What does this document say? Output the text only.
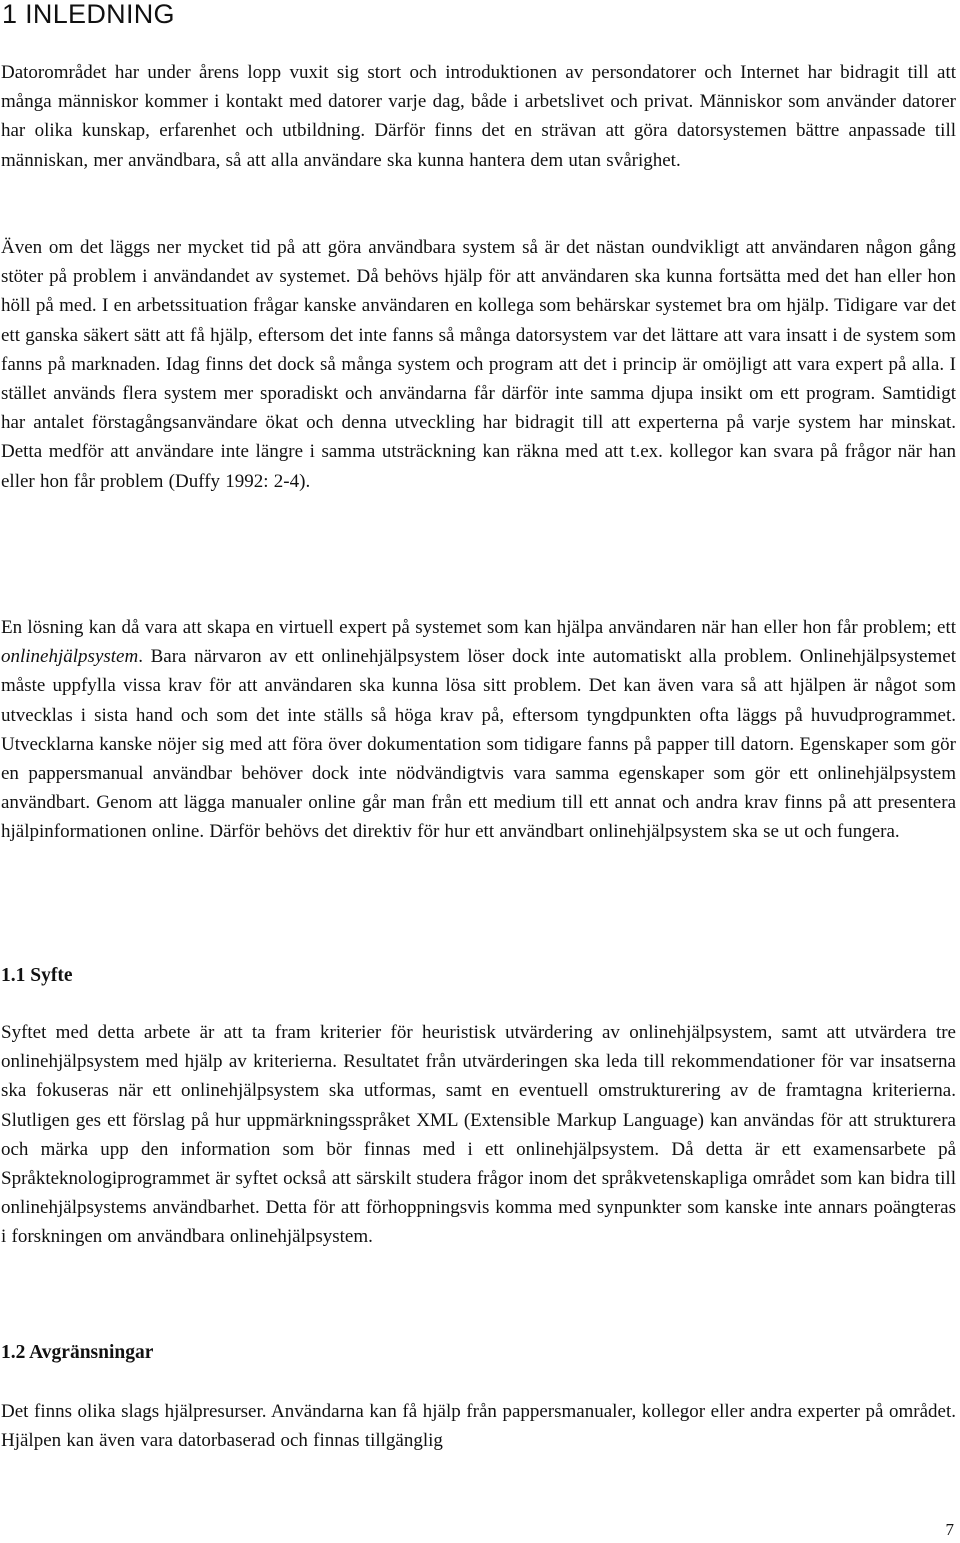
1 INLEDNING

Datorområdet har under årens lopp vuxit sig stort och introduktionen av persondatorer och Internet har bidragit till att många människor kommer i kontakt med datorer varje dag, både i arbetslivet och privat. Människor som använder datorer har olika kunskap, erfarenhet och utbildning. Därför finns det en strävan att göra datorsystemen bättre anpassade till människan, mer användbara, så att alla användare ska kunna hantera dem utan svårighet.

Även om det läggs ner mycket tid på att göra användbara system så är det nästan oundvikligt att användaren någon gång stöter på problem i användandet av systemet. Då behövs hjälp för att användaren ska kunna fortsätta med det han eller hon höll på med. I en arbetssituation frågar kanske användaren en kollega som behärskar systemet bra om hjälp. Tidigare var det ett ganska säkert sätt att få hjälp, eftersom det inte fanns så många datorsystem var det lättare att vara insatt i de system som fanns på marknaden. Idag finns det dock så många system och program att det i princip är omöjligt att vara expert på alla. I stället används flera system mer sporadiskt och användarna får därför inte samma djupa insikt om ett program. Samtidigt har antalet förstagångsanvändare ökat och denna utveckling har bidragit till att experterna på varje system har minskat. Detta medför att användare inte längre i samma utsträckning kan räkna med att t.ex. kollegor kan svara på frågor när han eller hon får problem (Duffy 1992: 2-4).

En lösning kan då vara att skapa en virtuell expert på systemet som kan hjälpa användaren när han eller hon får problem; ett onlinehjälpsystem. Bara närvaron av ett onlinehjälpsystem löser dock inte automatiskt alla problem. Onlinehjälpsystemet måste uppfylla vissa krav för att användaren ska kunna lösa sitt problem. Det kan även vara så att hjälpen är något som utvecklas i sista hand och som det inte ställs så höga krav på, eftersom tyngdpunkten ofta läggs på huvudprogrammet. Utvecklarna kanske nöjer sig med att föra över dokumentation som tidigare fanns på papper till datorn. Egenskaper som gör en pappersmanual användbar behöver dock inte nödvändigtvis vara samma egenskaper som gör ett onlinehjälpsystem användbart. Genom att lägga manualer online går man från ett medium till ett annat och andra krav finns på att presentera hjälpinformationen online. Därför behövs det direktiv för hur ett användbart onlinehjälpsystem ska se ut och fungera.

1.1 Syfte

Syftet med detta arbete är att ta fram kriterier för heuristisk utvärdering av onlinehjälpsystem, samt att utvärdera tre onlinehjälpsystem med hjälp av kriterierna. Resultatet från utvärderingen ska leda till rekommendationer för var insatserna ska fokuseras när ett onlinehjälpsystem ska utformas, samt en eventuell omstrukturering av de framtagna kriterierna. Slutligen ges ett förslag på hur uppmärkningsspråket XML (Extensible Markup Language) kan användas för att strukturera och märka upp den information som bör finnas med i ett onlinehjälpsystem. Då detta är ett examensarbete på Språkteknologiprogrammet är syftet också att särskilt studera frågor inom det språkvetenskapliga området som kan bidra till onlinehjälpsystems användbarhet. Detta för att förhoppningsvis komma med synpunkter som kanske inte annars poängteras i forskningen om användbara onlinehjälpsystem.

1.2 Avgränsningar

Det finns olika slags hjälpresurser. Användarna kan få hjälp från pappersmanualer, kollegor eller andra experter på området. Hjälpen kan även vara datorbaserad och finnas tillgänglig

7
